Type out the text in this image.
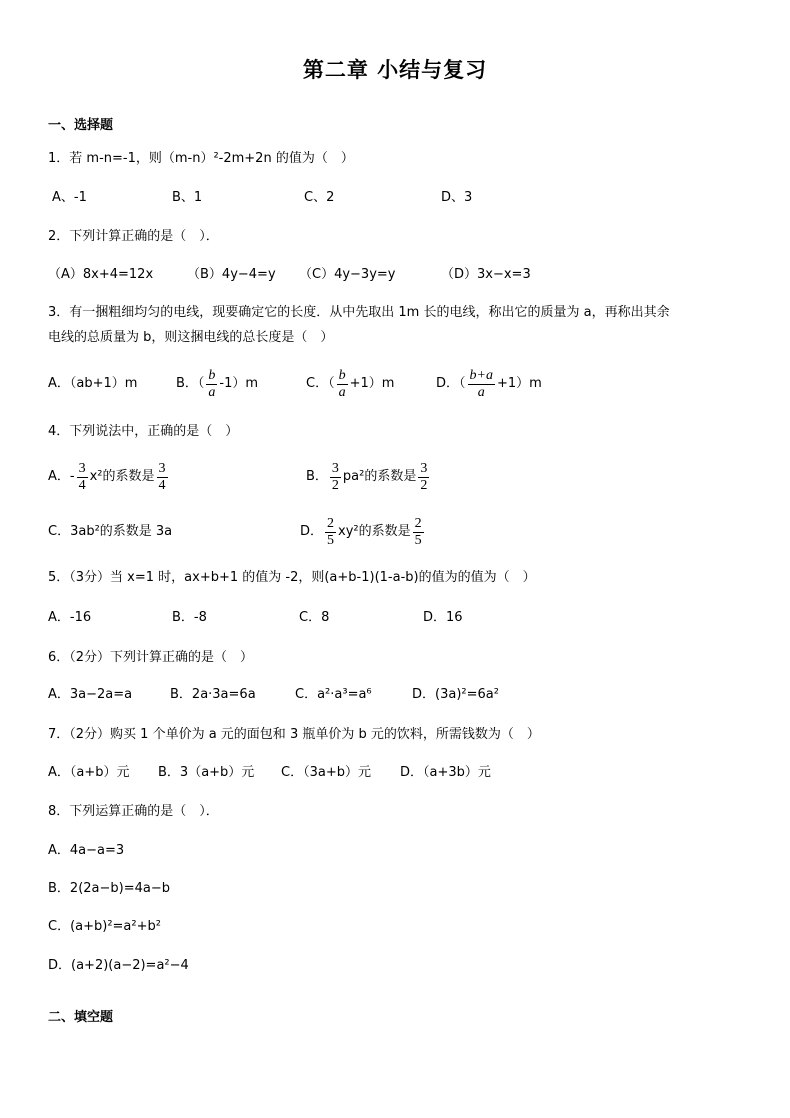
第二章 小结与复习
一、选择题
1．若 m-n=-1，则（m-n）²-2m+2n 的值为（　）
A、-1	B、1	C、2	D、3
2．下列计算正确的是（　）．
（A）8x+4=12x	（B）4y−4=y	（C）4y−3y=y	（D）3x−x=3
3．有一捆粗细均匀的电线，现要确定它的长度．从中先取出 1m 长的电线，称出它的质量为 a，再称出其余
电线的总质量为 b，则这捆电线的总长度是（　）
A．（ab+1）m	B．（ $\frac{b}{a} -1)m$	C．（ $\frac{b}{a} +1)m$	D．（ $\frac{b+a}{a} +1)m$
4．下列说法中，正确的是（　）
A．- $\frac{3}{4} x^2$的系数是 $\frac{3}{4}$	B． $\frac{3}{2} pa^2$的系数是 $\frac{3}{2}$
C．3ab²的系数是 3a	D． $\frac{2}{5} xy^2$的系数是 $\frac{2}{5}$
5．（3分）当 x=1 时，ax+b+1 的值为 -2，则(a+b-1)(1-a-b)的值为的值为（　）
A．-16	B．-8	C．8	D．16
6．（2分）下列计算正确的是（　）
A．3a−2a=a	B．2a·3a=6a	C．a²·a³=a⁶	D．(3a)²=6a²
7．（2分）购买 1 个单价为 a 元的面包和 3 瓶单价为 b 元的饮料，所需钱数为（　）
A．（a+b）元	B．3（a+b）元	C．（3a+b）元	D．（a+3b）元
8．下列运算正确的是（　）．
A．4a−a=3
B．2(2a−b)=4a−b
C．(a+b)²=a²+b²
D．(a+2)(a−2)=a²−4
二、填空题
